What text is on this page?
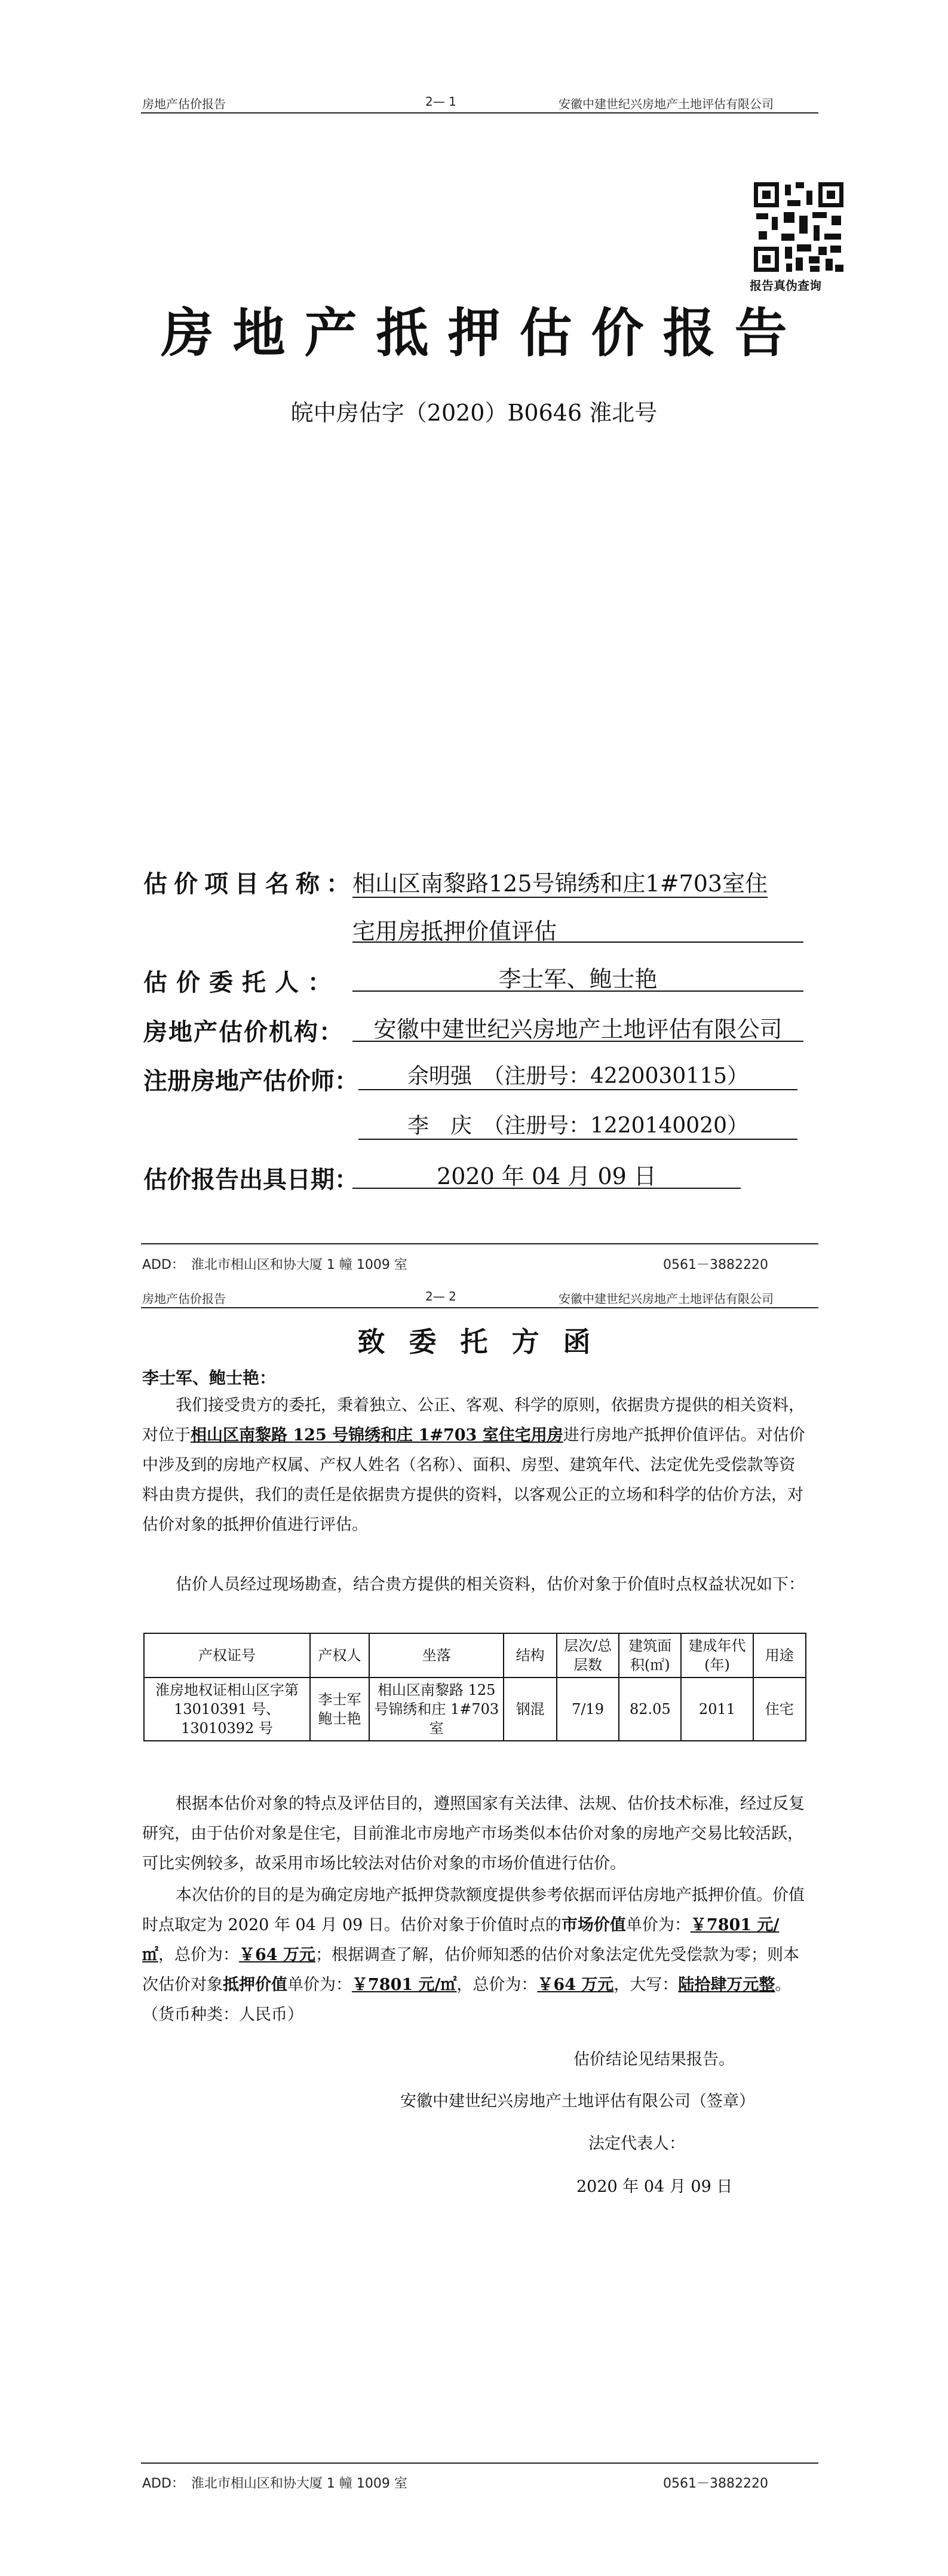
房地产估价报告	2— 1	安徽中建世纪兴房地产土地评估有限公司
报告真伪查询
房地产抵押估价报告
皖中房估字（2020）B0646 淮北号
估价项目名称：
相山区南黎路125号锦绣和庄1#703室住
宅用房抵押价值评估
估价委托人：	李士军、鲍士艳
房地产估价机构：	安徽中建世纪兴房地产土地评估有限公司
注册房地产估价师：	余明强　（注册号：4220030115）
李　庆　（注册号：1220140020）
估价报告出具日期：	2020 年 04 月 09 日
ADD：　淮北市相山区和协大厦 1 幢 1009 室	0561－3882220
房地产估价报告	2— 2	安徽中建世纪兴房地产土地评估有限公司
致委托方函
李士军、鲍士艳：
我们接受贵方的委托，秉着独立、公正、客观、科学的原则，依据贵方提供的相关资料，对位于相山区南黎路 125 号锦绣和庄 1#703 室住宅用房进行房地产抵押价值评估。对估价中涉及到的房地产权属、产权人姓名（名称）、面积、房型、建筑年代、法定优先受偿款等资料由贵方提供，我们的责任是依据贵方提供的资料，以客观公正的立场和科学的估价方法，对估价对象的抵押价值进行评估。
估价人员经过现场勘查，结合贵方提供的相关资料，估价对象于价值时点权益状况如下：
产权证号	产权人	坐落	结构	层次/总层数	建筑面积(㎡)	建成年代(年)	用途
淮房地权证相山区字第 13010391 号、13010392 号	李士军鲍士艳	相山区南黎路 125 号锦绣和庄 1#703 室	钢混	7/19	82.05	2011	住宅
根据本估价对象的特点及评估目的，遵照国家有关法律、法规、估价技术标准，经过反复研究，由于估价对象是住宅，目前淮北市房地产市场类似本估价对象的房地产交易比较活跃，可比实例较多，故采用市场比较法对估价对象的市场价值进行估价。
本次估价的目的是为确定房地产抵押贷款额度提供参考依据而评估房地产抵押价值。价值时点取定为 2020 年 04 月 09 日。估价对象于价值时点的市场价值单价为：￥7801 元/㎡，总价为：￥64 万元；根据调查了解，估价师知悉的估价对象法定优先受偿款为零；则本次估价对象抵押价值单价为：￥7801 元/㎡，总价为：￥64 万元，大写：陆拾肆万元整。（货币种类：人民币）
估价结论见结果报告。
安徽中建世纪兴房地产土地评估有限公司（签章）
法定代表人：
2020 年 04 月 09 日
ADD：　淮北市相山区和协大厦 1 幢 1009 室	0561－3882220
